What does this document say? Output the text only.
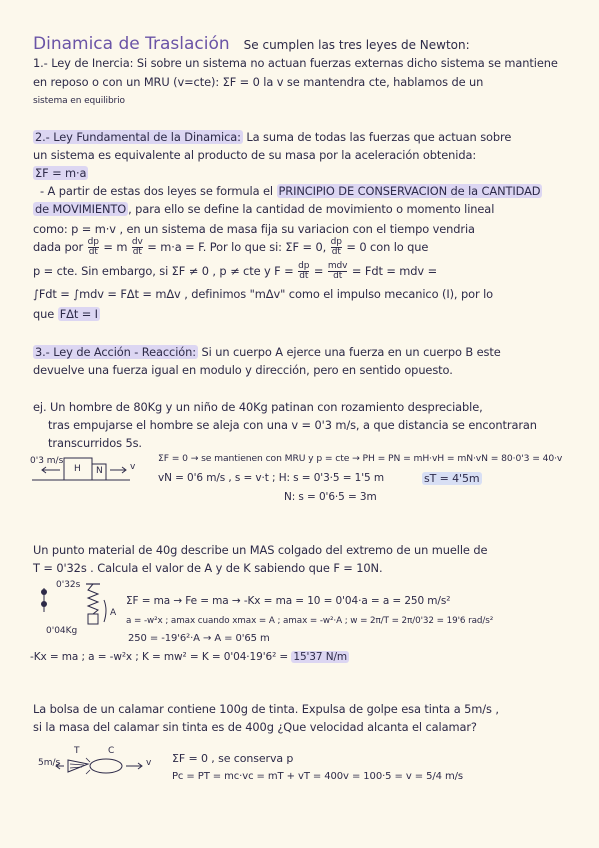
Dinamica de Traslación Se cumplen las tres leyes de Newton:
1.- Ley de Inercia: Si sobre un sistema no actuan fuerzas externas dicho sistema se mantiene
en reposo o con un MRU (v=cte): ΣF = 0 la v se mantendra cte, hablamos de un
sistema en equilibrio
2.- Ley Fundamental de la Dinamica: La suma de todas las fuerzas que actuan sobre
un sistema es equivalente al producto de su masa por la aceleración obtenida:
ΣF = m·a
- A partir de estas dos leyes se formula el PRINCIPIO DE CONSERVACION de la CANTIDAD
de MOVIMIENTO , para ello se define la cantidad de movimiento o momento lineal
como: p = m·v , en un sistema de masa fija su variacion con el tiempo vendria
dada por $\frac{dp}{dt} = m \frac{dv}{dt} = m\cdot a = F$. Por lo que si: ΣF = 0, $\frac{dp}{dt} = 0$ con lo que
p = cte. Sin embargo, si ΣF ≠ 0 , p ≠ cte y $F = \frac{dp}{dt} = \frac{\text{mdv}}{dt}$ = Fdt = mdv =
∫Fdt = ∫mdv = FΔt = mΔv , definimos "mΔv" como el impulso mecanico (I), por lo
que FΔt = I
3.- Ley de Acción - Reacción: Si un cuerpo A ejerce una fuerza en un cuerpo B este
devuelve una fuerza igual en modulo y dirección, pero en sentido opuesto.
ej. Un hombre de 80Kg y un niño de 40Kg patinan con rozamiento despreciable,
tras empujarse el hombre se aleja con una v = 0'3 m/s, a que distancia se encontraran
transcurridos 5s.
0'3 m/s
H N	v
ΣF = 0 → se mantienen con MRU y p = cte → PH = PN = mH·vH = mN·vN = 80·0'3 = 40·v
vN = 0'6 m/s , s = v·t ; H: s = 0'3·5 = 1'5 m
N: s = 0'6·5 = 3m
sT = 4'5m
Un punto material de 40g describe un MAS colgado del extremo de un muelle de
T = 0'32s . Calcula el valor de A y de K sabiendo que F = 10N.
0'32s
0'04Kg
A
ΣF = ma → Fe = ma → -Kx = ma = 10 = 0'04·a = a = 250 m/s²
a = -w²x ; amax cuando xmax = A ; amax = -w²·A ; w = 2π/T = 2π/0'32 = 19'6 rad/s²
250 = -19'6²·A → A = 0'65 m
-Kx = ma ; a = -w²x ; K = mw² = K = 0'04·19'6² = 15'37 N/m
La bolsa de un calamar contiene 100g de tinta. Expulsa de golpe esa tinta a 5m/s ,
si la masa del calamar sin tinta es de 400g ¿Que velocidad alcanta el calamar?
5m/s
T	C
v ΣF = 0 , se conserva p
Pc = PT = mc·vc = mT + vT = 400v = 100·5 = v = 5/4 m/s
